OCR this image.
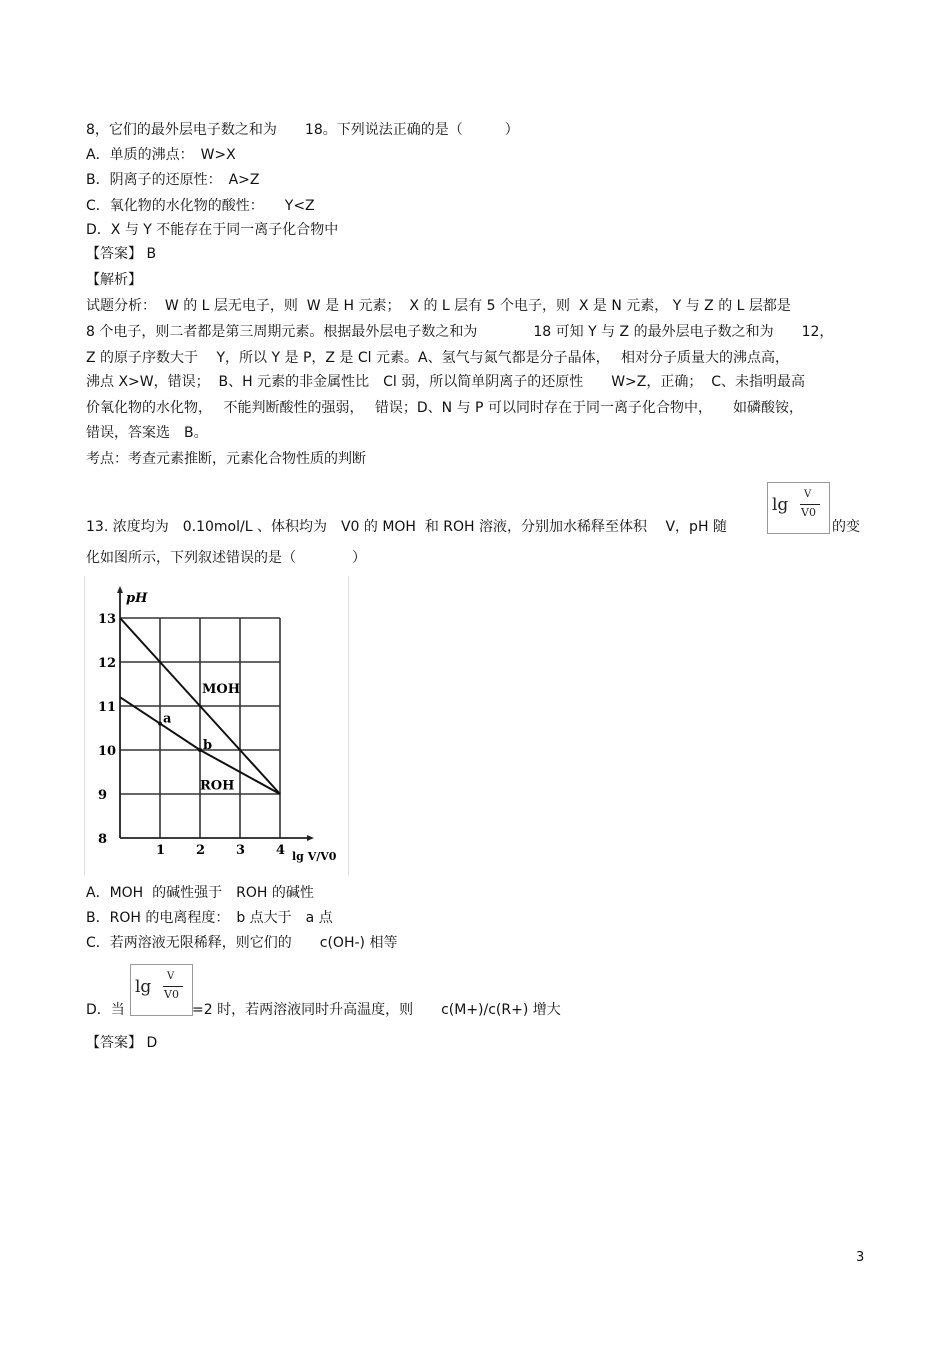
8，它们的最外层电子数之和为　　18。下列说法正确的是（　　　）
A．单质的沸点：　W>X
B．阴离子的还原性：　A>Z
C．氧化物的水化物的酸性：　　Y<Z
D．X 与 Y 不能存在于同一离子化合物中
【答案】 B
【解析】
试题分析：  W 的 L 层无电子，则  W 是 H 元素；  X 的 L 层有 5 个电子，则  X 是 N 元素， Y 与 Z 的 L 层都是
8 个电子，则二者都是第三周期元素。根据最外层电子数之和为　　　　18 可知 Y 与 Z 的最外层电子数之和为　　12，
Z 的原子序数大于　 Y，所以 Y 是 P，Z 是 Cl 元素。A、氢气与氮气都是分子晶体，　 相对分子质量大的沸点高，
沸点 X>W，错误；  B、H 元素的非金属性比　Cl 弱，所以简单阴离子的还原性　　W>Z，正确；  C、未指明最高
价氧化物的水化物，　 不能判断酸性的强弱，　 错误；D、N 与 P 可以同时存在于同一离子化合物中，　　如磷酸铵，
错误，答案选　B。
考点：考查元素推断，元素化合物性质的判断
13. 浓度均为　0.10mol/L 、体积均为　V0 的 MOH  和 ROH 溶液，分别加水稀释至体积　 V，pH 随
lg
V
V0
的变
化如图所示，下列叙述错误的是（　　　　）
8
9
10
11
12
13
1 2 3 4
pH
lg V/V0
MOH
ROH
a
b
A．MOH  的碱性强于　ROH 的碱性
B．ROH 的电离程度：　b 点大于　a 点
C．若两溶液无限稀释，则它们的　　c(OH-) 相等
D．当
lg
V
V0
=2 时，若两溶液同时升高温度，则　　c(M+)/c(R+) 增大
【答案】 D
3
